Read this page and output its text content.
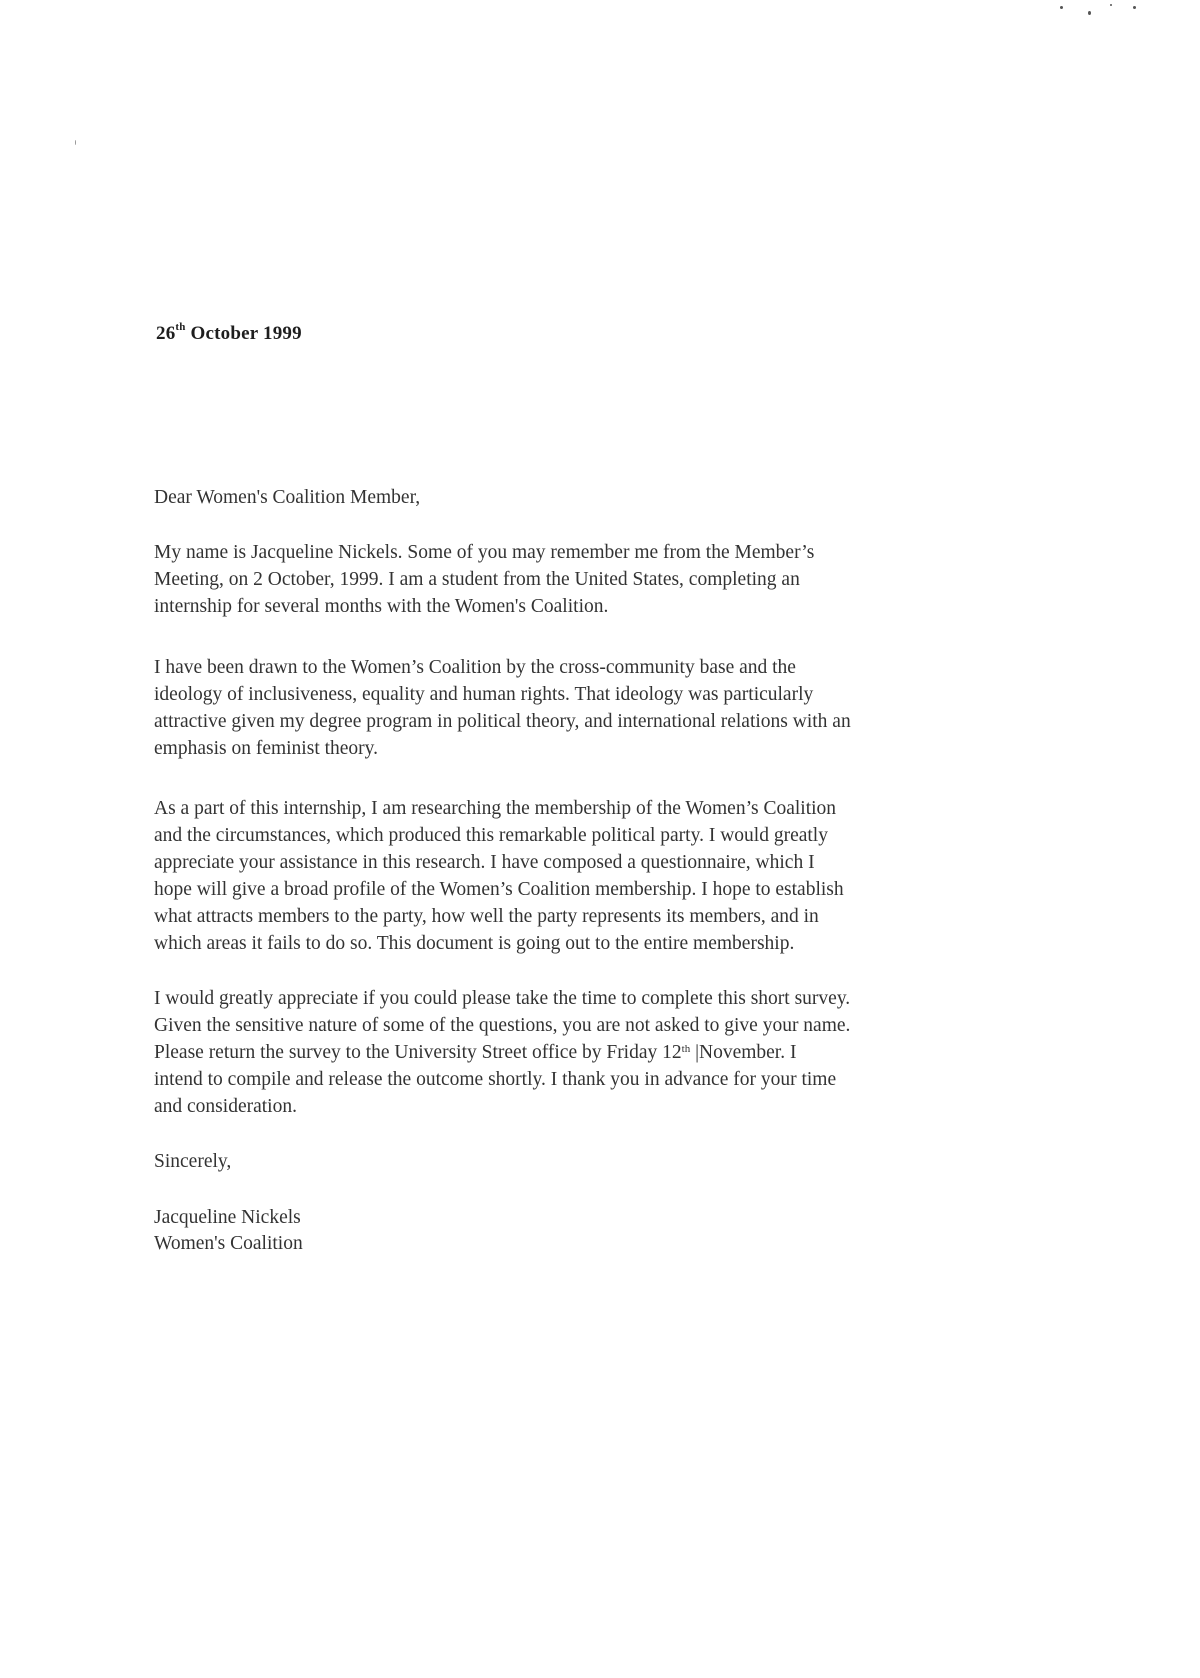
26th October 1999
Dear Women's Coalition Member,
My name is Jacqueline Nickels. Some of you may remember me from the Member’s
Meeting, on 2 October, 1999. I am a student from the United States, completing an
internship for several months with the Women's Coalition.
I have been drawn to the Women’s Coalition by the cross-community base and the
ideology of inclusiveness, equality and human rights. That ideology was particularly
attractive given my degree program in political theory, and international relations with an
emphasis on feminist theory.
As a part of this internship, I am researching the membership of the Women’s Coalition
and the circumstances, which produced this remarkable political party. I would greatly
appreciate your assistance in this research. I have composed a questionnaire, which I
hope will give a broad profile of the Women’s Coalition membership. I hope to establish
what attracts members to the party, how well the party represents its members, and in
which areas it fails to do so. This document is going out to the entire membership.
I would greatly appreciate if you could please take the time to complete this short survey.
Given the sensitive nature of some of the questions, you are not asked to give your name.
Please return the survey to the University Street office by Friday 12th |November. I
intend to compile and release the outcome shortly. I thank you in advance for your time
and consideration.
Sincerely,
Jacqueline Nickels
Women's Coalition
